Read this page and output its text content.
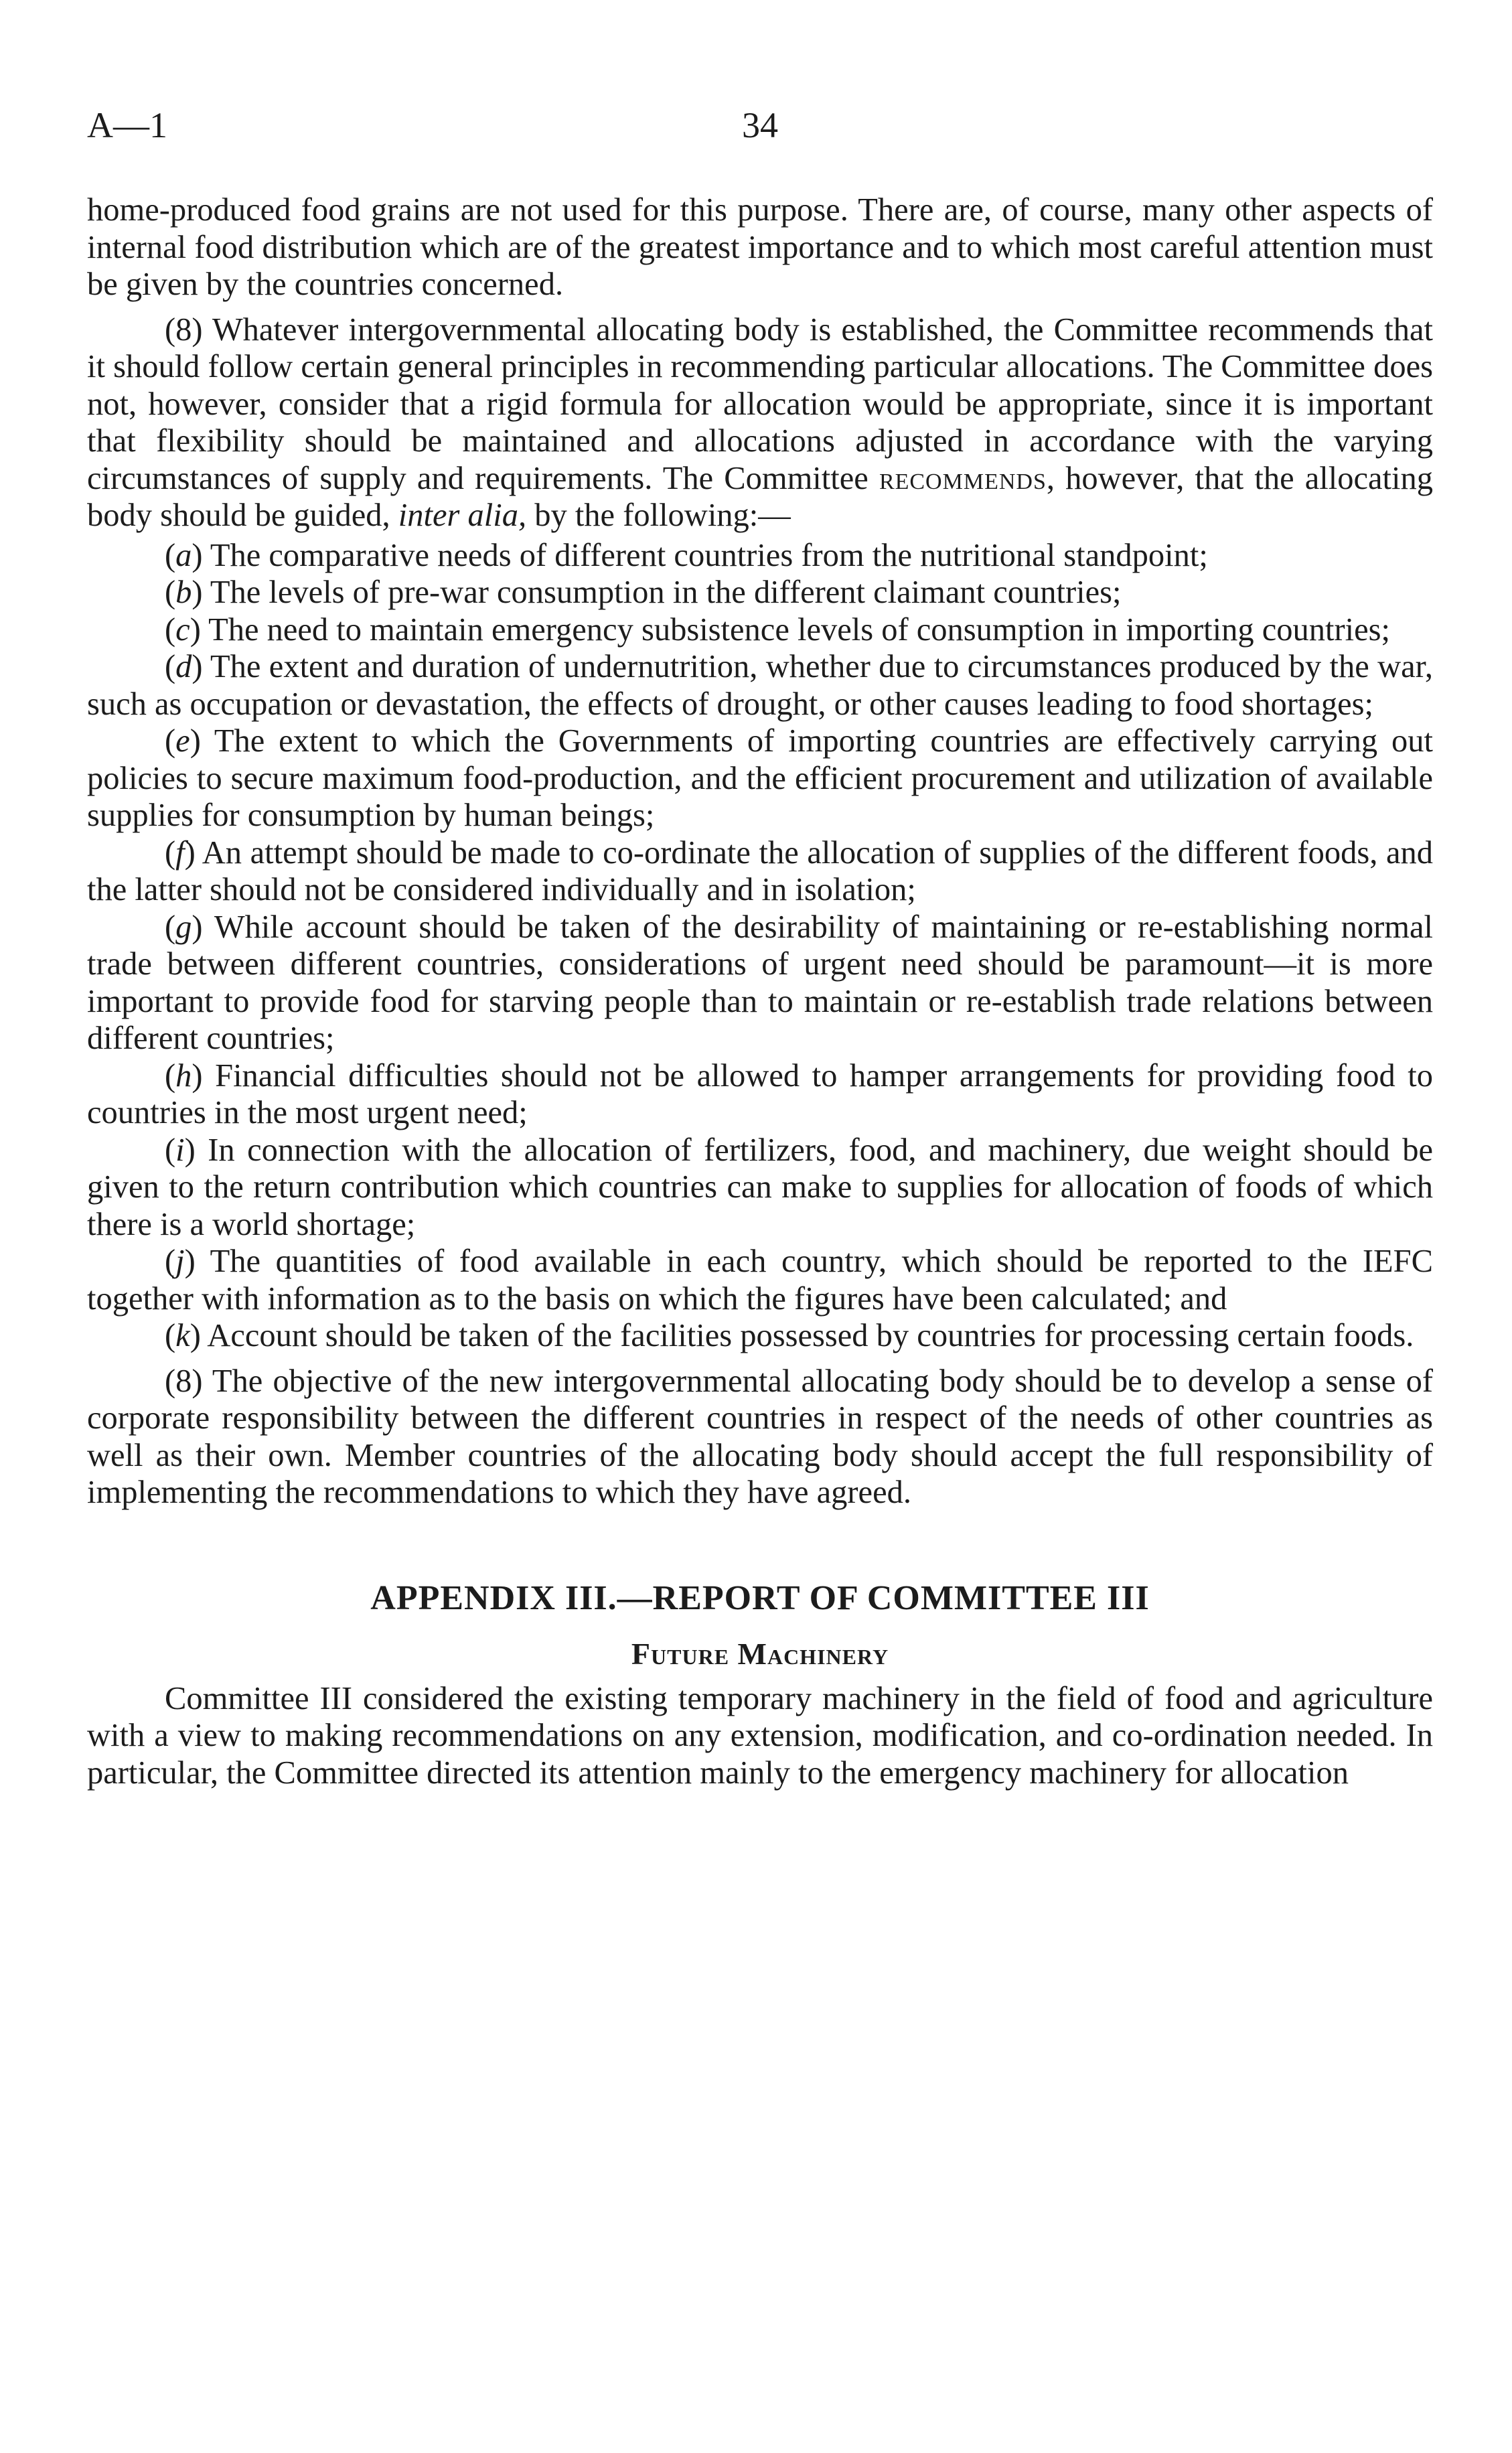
A—1	34

home-produced food grains are not used for this purpose. There are, of course, many other aspects of internal food distribution which are of the greatest importance and to which most careful attention must be given by the countries concerned.

(8) Whatever intergovernmental allocating body is established, the Committee recommends that it should follow certain general principles in recommending particular allocations. The Committee does not, however, consider that a rigid formula for allocation would be appropriate, since it is important that flexibility should be maintained and allocations adjusted in accordance with the varying circumstances of supply and requirements. The Committee recommends, however, that the allocating body should be guided, inter alia, by the following:—

(a) The comparative needs of different countries from the nutritional standpoint;

(b) The levels of pre-war consumption in the different claimant countries;

(c) The need to maintain emergency subsistence levels of consumption in importing countries;

(d) The extent and duration of undernutrition, whether due to circumstances produced by the war, such as occupation or devastation, the effects of drought, or other causes leading to food shortages;

(e) The extent to which the Governments of importing countries are effectively carrying out policies to secure maximum food-production, and the efficient procurement and utilization of available supplies for consumption by human beings;

(f) An attempt should be made to co-ordinate the allocation of supplies of the different foods, and the latter should not be considered individually and in isolation;

(g) While account should be taken of the desirability of maintaining or re-establishing normal trade between different countries, considerations of urgent need should be paramount—it is more important to provide food for starving people than to maintain or re-establish trade relations between different countries;

(h) Financial difficulties should not be allowed to hamper arrangements for providing food to countries in the most urgent need;

(i) In connection with the allocation of fertilizers, food, and machinery, due weight should be given to the return contribution which countries can make to supplies for allocation of foods of which there is a world shortage;

(j) The quantities of food available in each country, which should be reported to the IEFC together with information as to the basis on which the figures have been calculated; and

(k) Account should be taken of the facilities possessed by countries for processing certain foods.

(8) The objective of the new intergovernmental allocating body should be to develop a sense of corporate responsibility between the different countries in respect of the needs of other countries as well as their own. Member countries of the allocating body should accept the full responsibility of implementing the recommendations to which they have agreed.

APPENDIX III.—REPORT OF COMMITTEE III
Future Machinery

Committee III considered the existing temporary machinery in the field of food and agriculture with a view to making recommendations on any extension, modification, and co-ordination needed. In particular, the Committee directed its attention mainly to the emergency machinery for allocation
